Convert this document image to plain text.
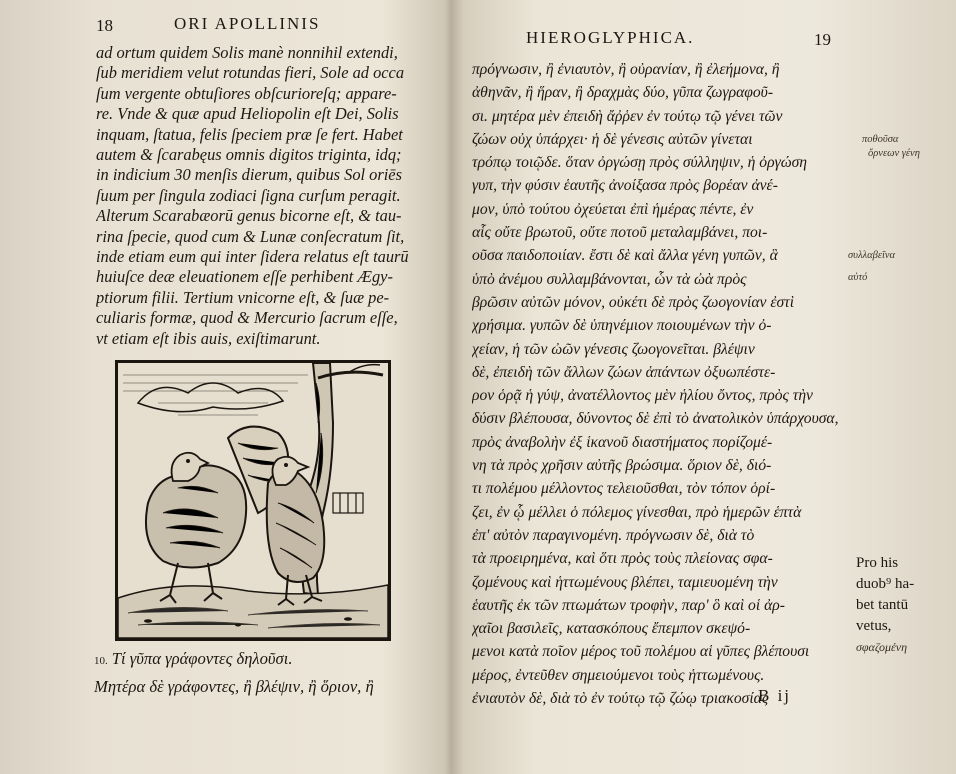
18	ORI APOLLINIS
ad ortum quidem Solis manè nonnihil extendi,
ſub meridiem velut rotundas fieri, Sole ad occa
ſum vergente obtuſiores obſcurioreſq; appare-
re. Vnde & quæ apud Heliopolin eſt Dei, Solis
inquam, ſtatua, felis ſpeciem præ ſe fert. Habet
autem & ſcarabęus omnis digitos triginta, idq;
in indicium 30 menſis dierum, quibus Sol oriēs
ſuum per ſingula zodiaci ſigna curſum peragit.
Alterum Scarabæorū genus bicorne eſt, & tau-
rina ſpecie, quod cum & Lunæ conſecratum ſit,
inde etiam eum qui inter ſidera relatus eſt taurū
huiuſce deæ eleuationem eſſe perhibent Ægy-
ptiorum filii. Tertium vnicorne eſt, & ſuæ pe-
culiaris formæ, quod & Mercurio ſacrum eſſe,
vt etiam eſt ibis auis, exiſtimarunt.
10. Τί γῦπα γράφοντες δηλοῦσι.
Μητέρα δὲ γράφοντες, ἢ βλέψιν, ἢ ὅριον, ἢ
HIEROGLYPHICA.	19
πρόγνωσιν, ἢ ἐνιαυτὸν, ἢ οὐρανίαν, ἢ ἐλεήμονα, ἢ
ἀθηνᾶν, ἢ ἥραν, ἢ δραχμὰς δύο, γῦπα ζωγραφοῦ-
σι. μητέρα μὲν ἐπειδὴ ἄῤῥεν ἐν τούτῳ τῷ γένει τῶν
ζώων οὐχ ὑπάρχει· ἡ δὲ γένεσις αὐτῶν γίνεται
τρόπῳ τοιῷδε. ὅταν ὀργώσῃ πρὸς σύλληψιν, ἡ ὀργώση
γυπ, τὴν φύσιν ἑαυτῆς ἀνοίξασα πρὸς βορέαν ἀνέ-
μον, ὑπὸ τούτου ὀχεύεται ἐπὶ ἡμέρας πέντε, ἐν
αἷς οὔτε βρωτοῦ, οὔτε ποτοῦ μεταλαμβάνει, ποι-
οῦσα παιδοποιίαν. ἔστι δὲ καὶ ἄλλα γένη γυπῶν, ἃ
ὑπὸ ἀνέμου συλλαμβάνονται, ὧν τὰ ὠὰ πρὸς
βρῶσιν αὐτῶν μόνον, οὐκέτι δὲ πρὸς ζωογονίαν ἐστὶ
χρήσιμα. γυπῶν δὲ ὑπηνέμιον ποιουμένων τὴν ὀ-
χείαν, ἡ τῶν ὠῶν γένεσις ζωογονεῖται. βλέψιν
δὲ, ἐπειδὴ τῶν ἄλλων ζώων ἁπάντων ὀξυωπέστε-
ρον ὁρᾷ ἡ γύψ, ἀνατέλλοντος μὲν ἡλίου ὄντος, πρὸς τὴν
δύσιν βλέπουσα, δύνοντος δὲ ἐπὶ τὸ ἀνατολικὸν ὑπάρχουσα,
πρὸς ἀναβολὴν ἐξ ἱκανοῦ διαστήματος πορίζομέ-
νη τὰ πρὸς χρῆσιν αὐτῆς βρώσιμα. ὅριον δὲ, διό-
τι πολέμου μέλλοντος τελειοῦσθαι, τὸν τόπον ὁρί-
ζει, ἐν ᾧ μέλλει ὁ πόλεμος γίνεσθαι, πρὸ ἡμερῶν ἑπτὰ
ἐπ' αὐτὸν παραγινομένη. πρόγνωσιν δὲ, διὰ τὸ
τὰ προειρημένα, καὶ ὅτι πρὸς τοὺς πλείονας σφα-
ζομένους καὶ ἡττωμένους βλέπει, ταμιευομένη τὴν
ἑαυτῆς ἐκ τῶν πτωμάτων τροφὴν, παρ' ὃ καὶ οἱ ἀρ-
χαῖοι βασιλεῖς, κατασκόπους ἔπεμπον σκεψό-
μενοι κατὰ ποῖον μέρος τοῦ πολέμου αἱ γῦπες βλέπουσι
μέρος, ἐντεῦθεν σημειούμενοι τοὺς ἡττωμένους.
ἐνιαυτὸν δὲ, διὰ τὸ ἐν τούτῳ τῷ ζώῳ τριακοσίας
ποθοῦσα
ὄρνεων γένη
συλλαβεῖνα
αὐτό
Pro his
duob⁹ ha-
bet tantū
vetus,
σφαζομένη
B ij
